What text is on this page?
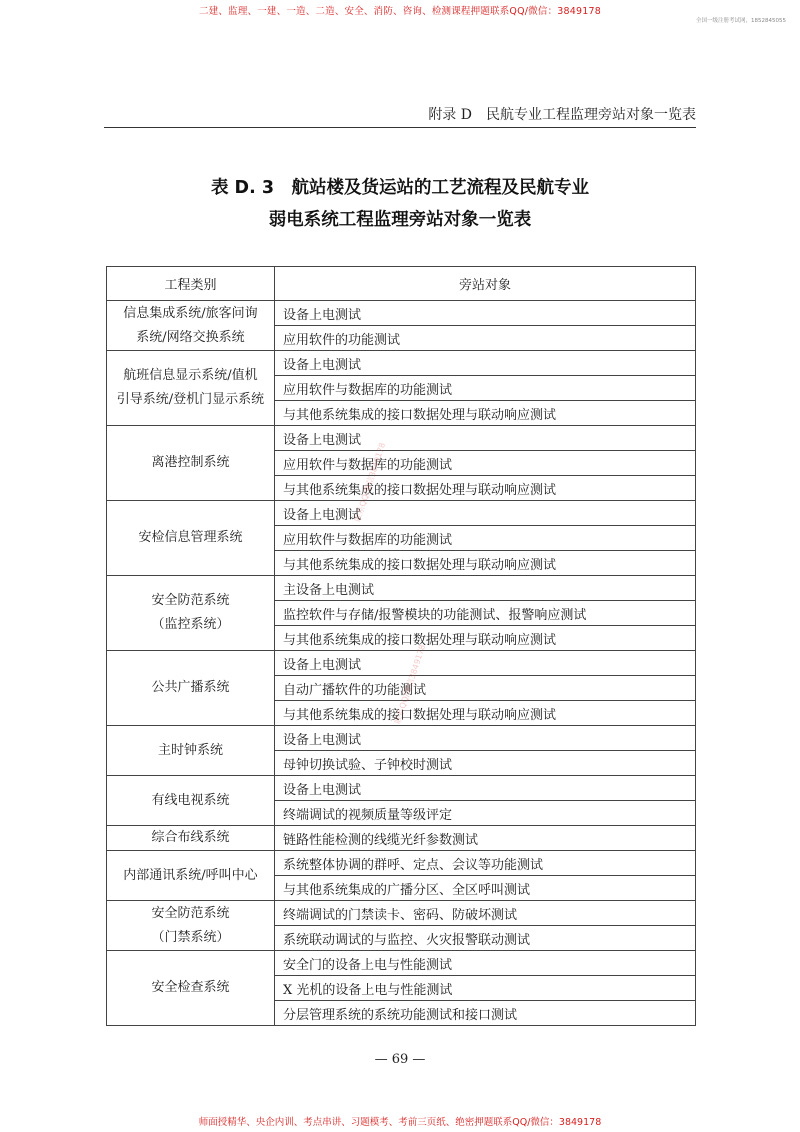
二建、监理、一建、一造、二造、安全、消防、咨询、检测课程押题联系QQ/微信：3849178
全国一级注册考试网，1852845055
附录 D　民航专业工程监理旁站对象一览表
表 D. 3　航站楼及货运站的工艺流程及民航专业
弱电系统工程监理旁站对象一览表
工程类别	旁站对象

信息集成系统/旅客问询
系统/网络交换系统	设备上电测试
	应用软件的功能测试

航班信息显示系统/值机
引导系统/登机门显示系统	设备上电测试
	应用软件与数据库的功能测试
	与其他系统集成的接口数据处理与联动响应测试

离港控制系统	设备上电测试
	应用软件与数据库的功能测试
	与其他系统集成的接口数据处理与联动响应测试

安检信息管理系统	设备上电测试
	应用软件与数据库的功能测试
	与其他系统集成的接口数据处理与联动响应测试

安全防范系统
（监控系统）	主设备上电测试
	监控软件与存储/报警模块的功能测试、报警响应测试
	与其他系统集成的接口数据处理与联动响应测试

公共广播系统	设备上电测试
	自动广播软件的功能测试
	与其他系统集成的接口数据处理与联动响应测试

主时钟系统	设备上电测试
	母钟切换试验、子钟校时测试

有线电视系统	设备上电测试
	终端调试的视频质量等级评定

综合布线系统	链路性能检测的线缆光纤参数测试

内部通讯系统/呼叫中心	系统整体协调的群呼、定点、会议等功能测试
	与其他系统集成的广播分区、全区呼叫测试

安全防范系统
（门禁系统）	终端调试的门禁读卡、密码、防破坏测试
	系统联动调试的与监控、火灾报警联动测试

安全检查系统	安全门的设备上电与性能测试
	X 光机的设备上电与性能测试
	分层管理系统的系统功能测试和接口测试
联系QQ/微信3849178
联系QQ/微信3849178
— 69 —
师面授精华、央企内训、考点串讲、习题模考、考前三页纸、绝密押题联系QQ/微信：3849178
